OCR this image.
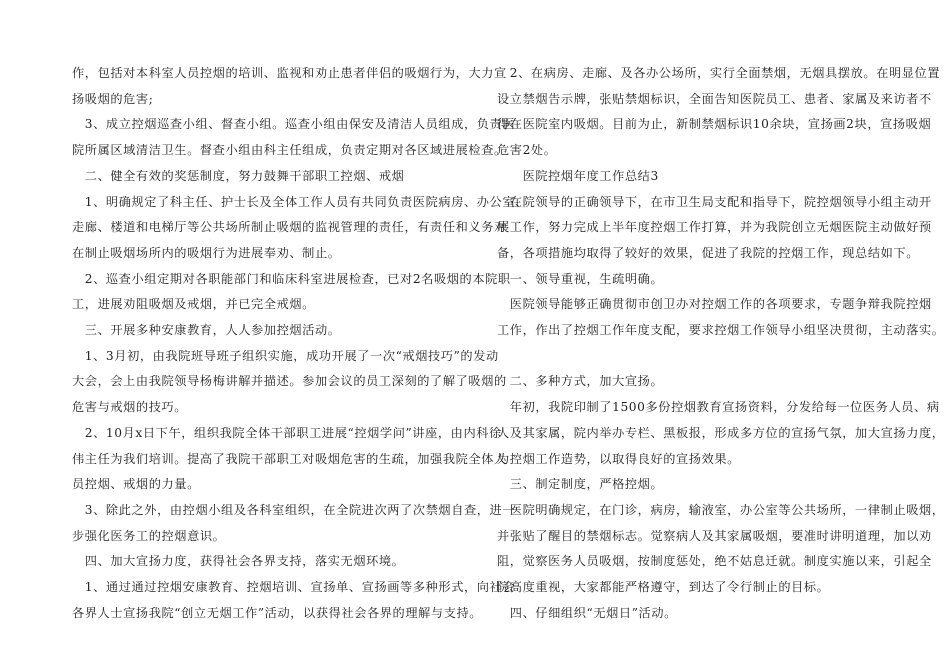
作，包括对本科室人员控烟的培训、监视和劝止患者伴侣的吸烟行为，大力宣
扬吸烟的危害;
　3、成立控烟巡查小组、督查小组。巡查小组由保安及清洁人员组成，负责医
院所属区域清洁卫生。督查小组由科主任组成，负责定期对各区域进展检查。
　二、健全有效的奖惩制度，努力鼓舞干部职工控烟、戒烟
　1、明确规定了科主任、护士长及全体工作人员有共同负责医院病房、办公室、
走廊、楼道和电梯厅等公共场所制止吸烟的监视管理的责任，有责任和义务对
在制止吸烟场所内的吸烟行为进展奉劝、制止。
　2、巡查小组定期对各职能部门和临床科室进展检查，已对2名吸烟的本院职
工，进展劝阻吸烟及戒烟，并已完全戒烟。
　三、开展多种安康教育，人人参加控烟活动。
　1、3月初，由我院班导班子组织实施，成功开展了一次“戒烟技巧”的发动
大会，会上由我院领导杨梅讲解并描述。参加会议的员工深刻的了解了吸烟的
危害与戒烟的技巧。
　2、10月x日下午，组织我院全体干部职工进展“控烟学问”讲座，由内科徐
伟主任为我们培训。提高了我院干部职工对吸烟危害的生疏，加强我院全体人
员控烟、戒烟的力量。
　3、除此之外，由控烟小组及各科室组织，在全院进次两了次禁烟自查，进一
步强化医务工的控烟意识。
　四、加大宣扬力度，获得社会各界支持，落实无烟环境。
　1、通过通过控烟安康教育、控烟培训、宣扬单、宣扬画等多种形式，向社会
各界人士宣扬我院“创立无烟工作”活动，以获得社会各界的理解与支持。
　2、在病房、走廊、及各办公场所，实行全面禁烟，无烟具摆放。在明显位置
设立禁烟告示牌，张贴禁烟标识，全面告知医院员工、患者、家属及来访者不
得在医院室内吸烟。目前为止，新制禁烟标识10余块，宣扬画2块，宣扬吸烟
危害2处。
　　医院控烟年度工作总结3
　在院领导的正确领导下，在市卫生局支配和指导下，院控烟领导小组主动开
展工作，努力完成上半年度控烟工作打算，并为我院创立无烟医院主动做好预
备，各项措施均取得了较好的效果，促进了我院的控烟工作，现总结如下。
　一、领导重视，生疏明确。
　医院领导能够正确贯彻市创卫办对控烟工作的各项要求，专题争辩我院控烟
工作，作出了控烟工作年度支配，要求控烟工作领导小组坚决贯彻，主动落实。
　二、多种方式，加大宣扬。
　年初，我院印制了1500多份控烟教育宣扬资料，分发给每一位医务人员、病
人及其家属，院内举办专栏、黑板报，形成多方位的宣扬气氛，加大宣扬力度，
为控烟工作造势，以取得良好的宣扬效果。
　三、制定制度，严格控烟。
　医院明确规定，在门诊，病房，输液室，办公室等公共场所，一律制止吸烟，
并张贴了醒目的禁烟标志。觉察病人及其家属吸烟，要准时讲明道理，加以劝
阻，觉察医务人员吸烟，按制度惩处，绝不姑息迁就。制度实施以来，引起全
院高度重视，大家都能严格遵守，到达了令行制止的目标。
　四、仔细组织“无烟日”活动。
